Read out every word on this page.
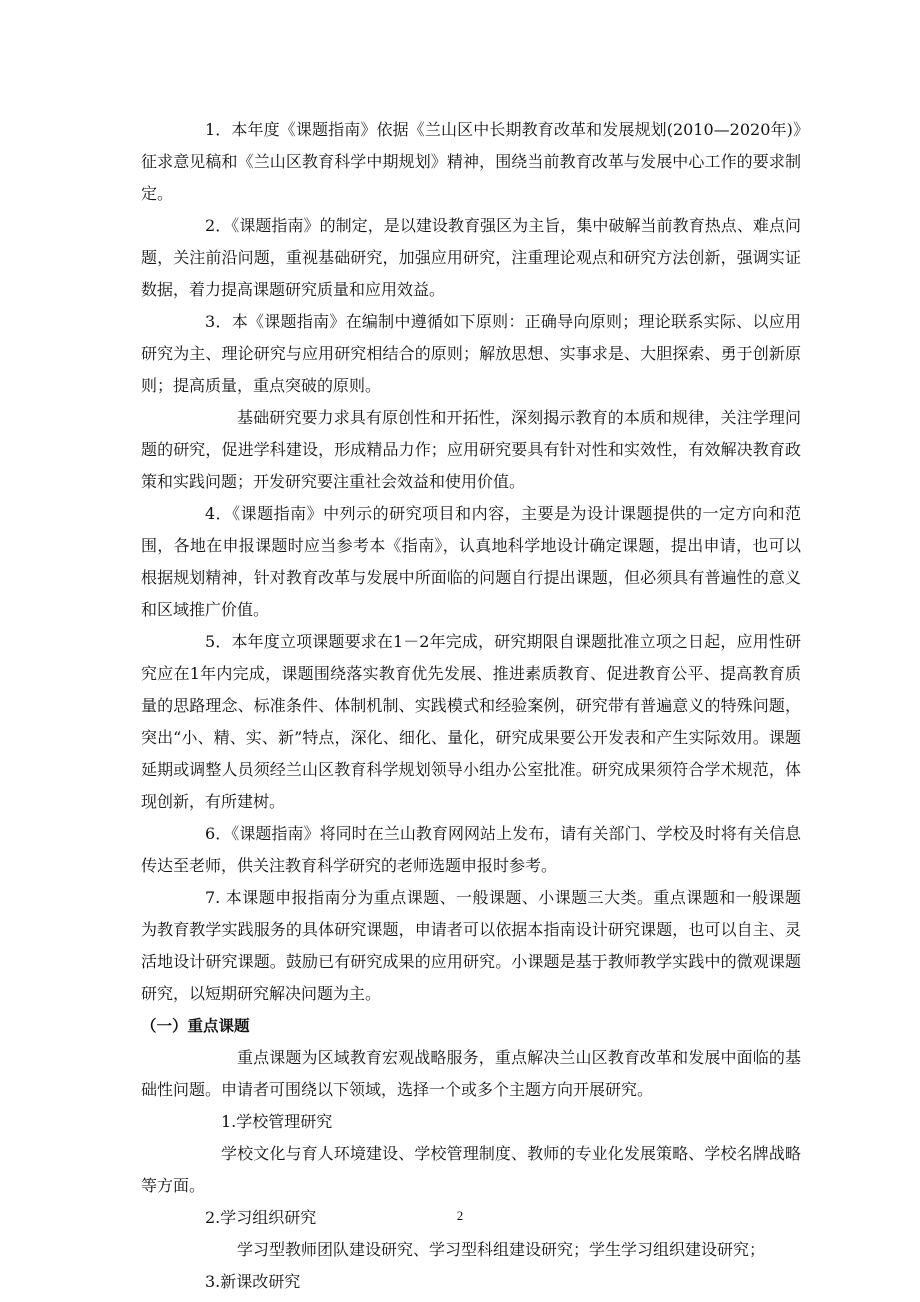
1．本年度《课题指南》依据《兰山区中长期教育改革和发展规划(2010—2020年)》征求意见稿和《兰山区教育科学中期规划》精神，围绕当前教育改革与发展中心工作的要求制定。

2．《课题指南》的制定，是以建设教育强区为主旨，集中破解当前教育热点、难点问题，关注前沿问题，重视基础研究，加强应用研究，注重理论观点和研究方法创新，强调实证数据，着力提高课题研究质量和应用效益。

3．本《课题指南》在编制中遵循如下原则：正确导向原则；理论联系实际、以应用研究为主、理论研究与应用研究相结合的原则；解放思想、实事求是、大胆探索、勇于创新原则；提高质量，重点突破的原则。

基础研究要力求具有原创性和开拓性，深刻揭示教育的本质和规律，关注学理问题的研究，促进学科建设，形成精品力作；应用研究要具有针对性和实效性，有效解决教育政策和实践问题；开发研究要注重社会效益和使用价值。

4．《课题指南》中列示的研究项目和内容，主要是为设计课题提供的一定方向和范围，各地在申报课题时应当参考本《指南》，认真地科学地设计确定课题，提出申请，也可以根据规划精神，针对教育改革与发展中所面临的问题自行提出课题，但必须具有普遍性的意义和区域推广价值。

5．本年度立项课题要求在1－2年完成，研究期限自课题批准立项之日起，应用性研究应在1年内完成，课题围绕落实教育优先发展、推进素质教育、促进教育公平、提高教育质量的思路理念、标准条件、体制机制、实践模式和经验案例，研究带有普遍意义的特殊问题，突出“小、精、实、新”特点，深化、细化、量化，研究成果要公开发表和产生实际效用。课题延期或调整人员须经兰山区教育科学规划领导小组办公室批准。研究成果须符合学术规范，体现创新，有所建树。

6．《课题指南》将同时在兰山教育网网站上发布，请有关部门、学校及时将有关信息传达至老师，供关注教育科学研究的老师选题申报时参考。

7. 本课题申报指南分为重点课题、一般课题、小课题三大类。重点课题和一般课题为教育教学实践服务的具体研究课题，申请者可以依据本指南设计研究课题，也可以自主、灵活地设计研究课题。鼓励已有研究成果的应用研究。小课题是基于教师教学实践中的微观课题研究，以短期研究解决问题为主。

（一）重点课题

重点课题为区域教育宏观战略服务，重点解决兰山区教育改革和发展中面临的基础性问题。申请者可围绕以下领域，选择一个或多个主题方向开展研究。

1.学校管理研究

学校文化与育人环境建设、学校管理制度、教师的专业化发展策略、学校名牌战略等方面。

2.学习组织研究

学习型教师团队建设研究、学习型科组建设研究；学生学习组织建设研究；

3.新课改研究

2
